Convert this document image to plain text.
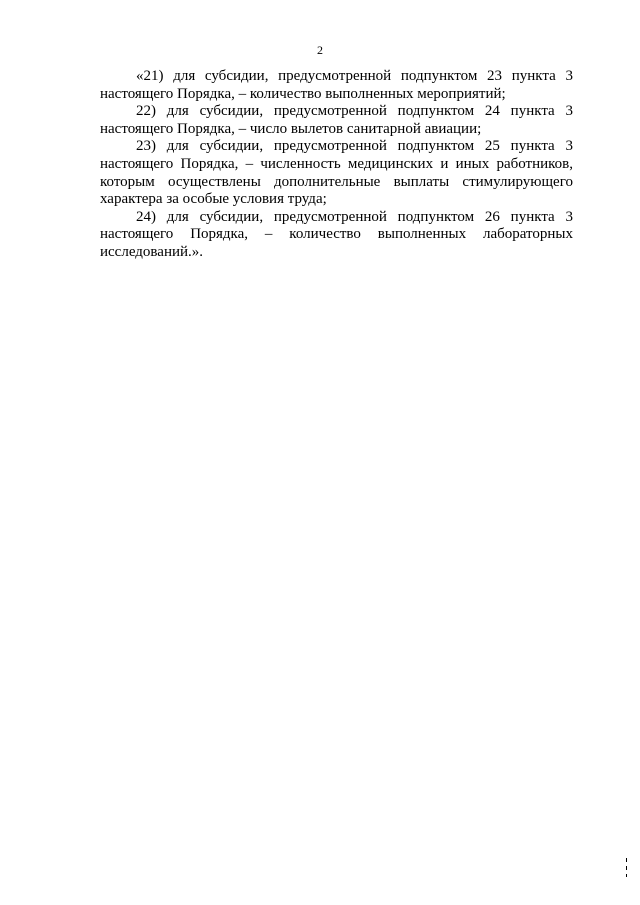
2

«21) для субсидии, предусмотренной подпунктом 23 пункта 3 настоящего Порядка, – количество выполненных мероприятий;

22) для субсидии, предусмотренной подпунктом 24 пункта 3 настоящего Порядка, – число вылетов санитарной авиации;

23) для субсидии, предусмотренной подпунктом 25 пункта 3 настоящего Порядка, – численность медицинских и иных работников, которым осуществлены дополнительные выплаты стимулирующего характера за особые условия труда;

24) для субсидии, предусмотренной подпунктом 26 пункта 3 настоящего Порядка, – количество выполненных лабораторных исследований.».
